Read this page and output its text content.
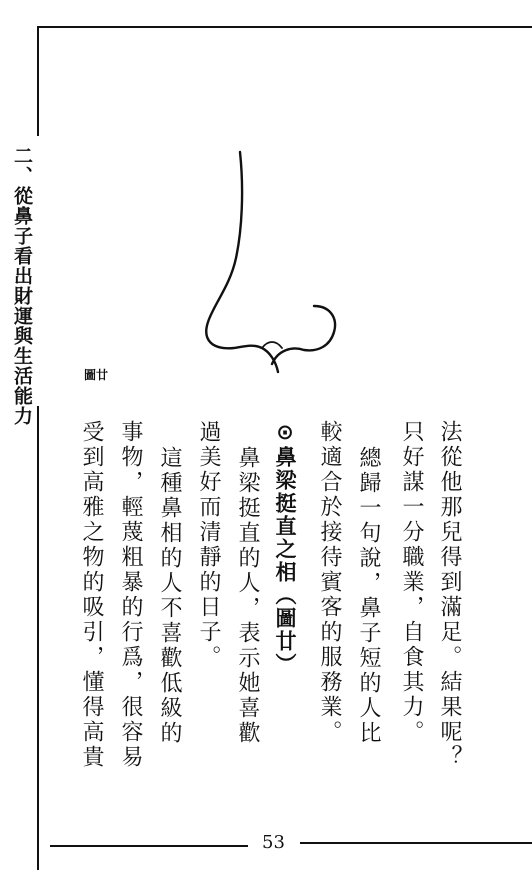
二、從鼻子看出財運與生活能力	圖廿
法從他那兒得到滿足。結果呢？
只好謀一分職業，自食其力。
總歸一句說，鼻子短的人比
較適合於接待賓客的服務業。
⊙鼻梁挺直之相（圖廿）
鼻梁挺直的人，表示她喜歡
過美好而清靜的日子。
這種鼻相的人不喜歡低級的
事物，輕蔑粗暴的行爲，很容易
受到高雅之物的吸引，懂得高貴
53
